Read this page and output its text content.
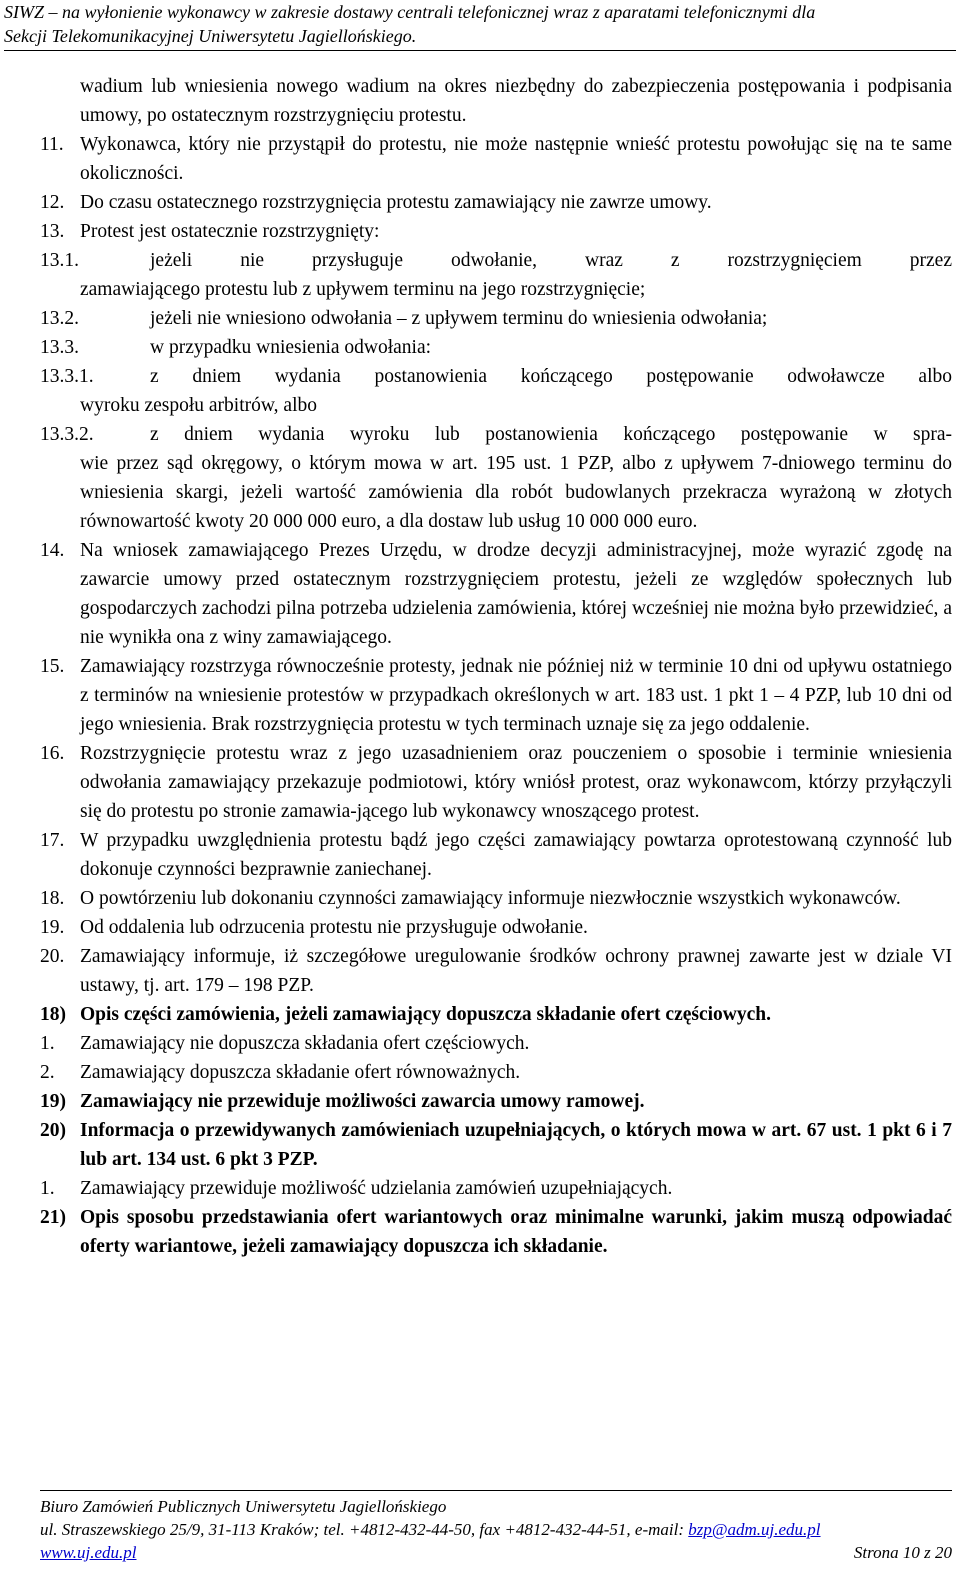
SIWZ – na wyłonienie wykonawcy w zakresie dostawy centrali telefonicznej wraz z aparatami telefonicznymi dla
Sekcji Telekomunikacyjnej Uniwersytetu Jagiellońskiego.
wadium lub wniesienia nowego wadium na okres niezbędny do zabezpieczenia postępowania i podpisania umowy, po ostatecznym rozstrzygnięciu protestu.
11. Wykonawca, który nie przystąpił do protestu, nie może następnie wnieść protestu powołując się na te same okoliczności.
12. Do czasu ostatecznego rozstrzygnięcia protestu zamawiający nie zawrze umowy.
13. Protest jest ostatecznie rozstrzygnięty:
13.1.	jeżeli nie przysługuje odwołanie, wraz z rozstrzygnięciem przez
zamawiającego protestu lub z upływem terminu na jego rozstrzygnięcie;
13.2.	jeżeli nie wniesiono odwołania – z upływem terminu do wniesienia odwołania;
13.3.	w przypadku wniesienia odwołania:
13.3.1.	z dniem wydania postanowienia kończącego postępowanie odwoławcze albo
wyroku zespołu arbitrów, albo
13.3.2.	z dniem wydania wyroku lub postanowienia kończącego postępowanie w spra-
wie przez sąd okręgowy, o którym mowa w art. 195 ust. 1 PZP, albo z upływem 7-dniowego terminu do wniesienia skargi, jeżeli wartość zamówienia dla robót budowlanych przekracza wyrażoną w złotych równowartość kwoty 20 000 000 euro, a dla dostaw lub usług 10 000 000 euro.
14. Na wniosek zamawiającego Prezes Urzędu, w drodze decyzji administracyjnej, może wyrazić zgodę na zawarcie umowy przed ostatecznym rozstrzygnięciem protestu, jeżeli ze względów społecznych lub gospodarczych zachodzi pilna potrzeba udzielenia zamówienia, której wcześniej nie można było przewidzieć, a nie wynikła ona z winy zamawiającego.
15. Zamawiający rozstrzyga równocześnie protesty, jednak nie później niż w terminie 10 dni od upływu ostatniego z terminów na wniesienie protestów w przypadkach określonych w art. 183 ust. 1 pkt 1 – 4 PZP, lub 10 dni od jego wniesienia. Brak rozstrzygnięcia protestu w tych terminach uznaje się za jego oddalenie.
16. Rozstrzygnięcie protestu wraz z jego uzasadnieniem oraz pouczeniem o sposobie i terminie wniesienia odwołania zamawiający przekazuje podmiotowi, który wniósł protest, oraz wykonawcom, którzy przyłączyli się do protestu po stronie zamawia-jącego lub wykonawcy wnoszącego protest.
17. W przypadku uwzględnienia protestu bądź jego części zamawiający powtarza oprotestowaną czynność lub dokonuje czynności bezprawnie zaniechanej.
18. O powtórzeniu lub dokonaniu czynności zamawiający informuje niezwłocznie wszystkich wykonawców.
19. Od oddalenia lub odrzucenia protestu nie przysługuje odwołanie.
20. Zamawiający informuje, iż szczegółowe uregulowanie środków ochrony prawnej zawarte jest w dziale VI ustawy, tj. art. 179 – 198 PZP.
18) Opis części zamówienia, jeżeli zamawiający dopuszcza składanie ofert częściowych.
1.	Zamawiający nie dopuszcza składania ofert częściowych.
2.	Zamawiający dopuszcza składanie ofert równoważnych.
19) Zamawiający nie przewiduje możliwości zawarcia umowy ramowej.
20) Informacja o przewidywanych zamówieniach uzupełniających, o których mowa w art. 67 ust. 1 pkt 6 i 7 lub art. 134 ust. 6 pkt 3 PZP.
1.	Zamawiający przewiduje możliwość udzielania zamówień uzupełniających.
21) Opis sposobu przedstawiania ofert wariantowych oraz minimalne warunki, jakim muszą odpowiadać oferty wariantowe, jeżeli zamawiający dopuszcza ich składanie.
Biuro Zamówień Publicznych Uniwersytetu Jagiellońskiego
ul. Straszewskiego 25/9, 31-113 Kraków; tel. +4812-432-44-50, fax +4812-432-44-51, e-mail: bzp@adm.uj.edu.pl
www.uj.edu.pl	Strona 10 z 20
